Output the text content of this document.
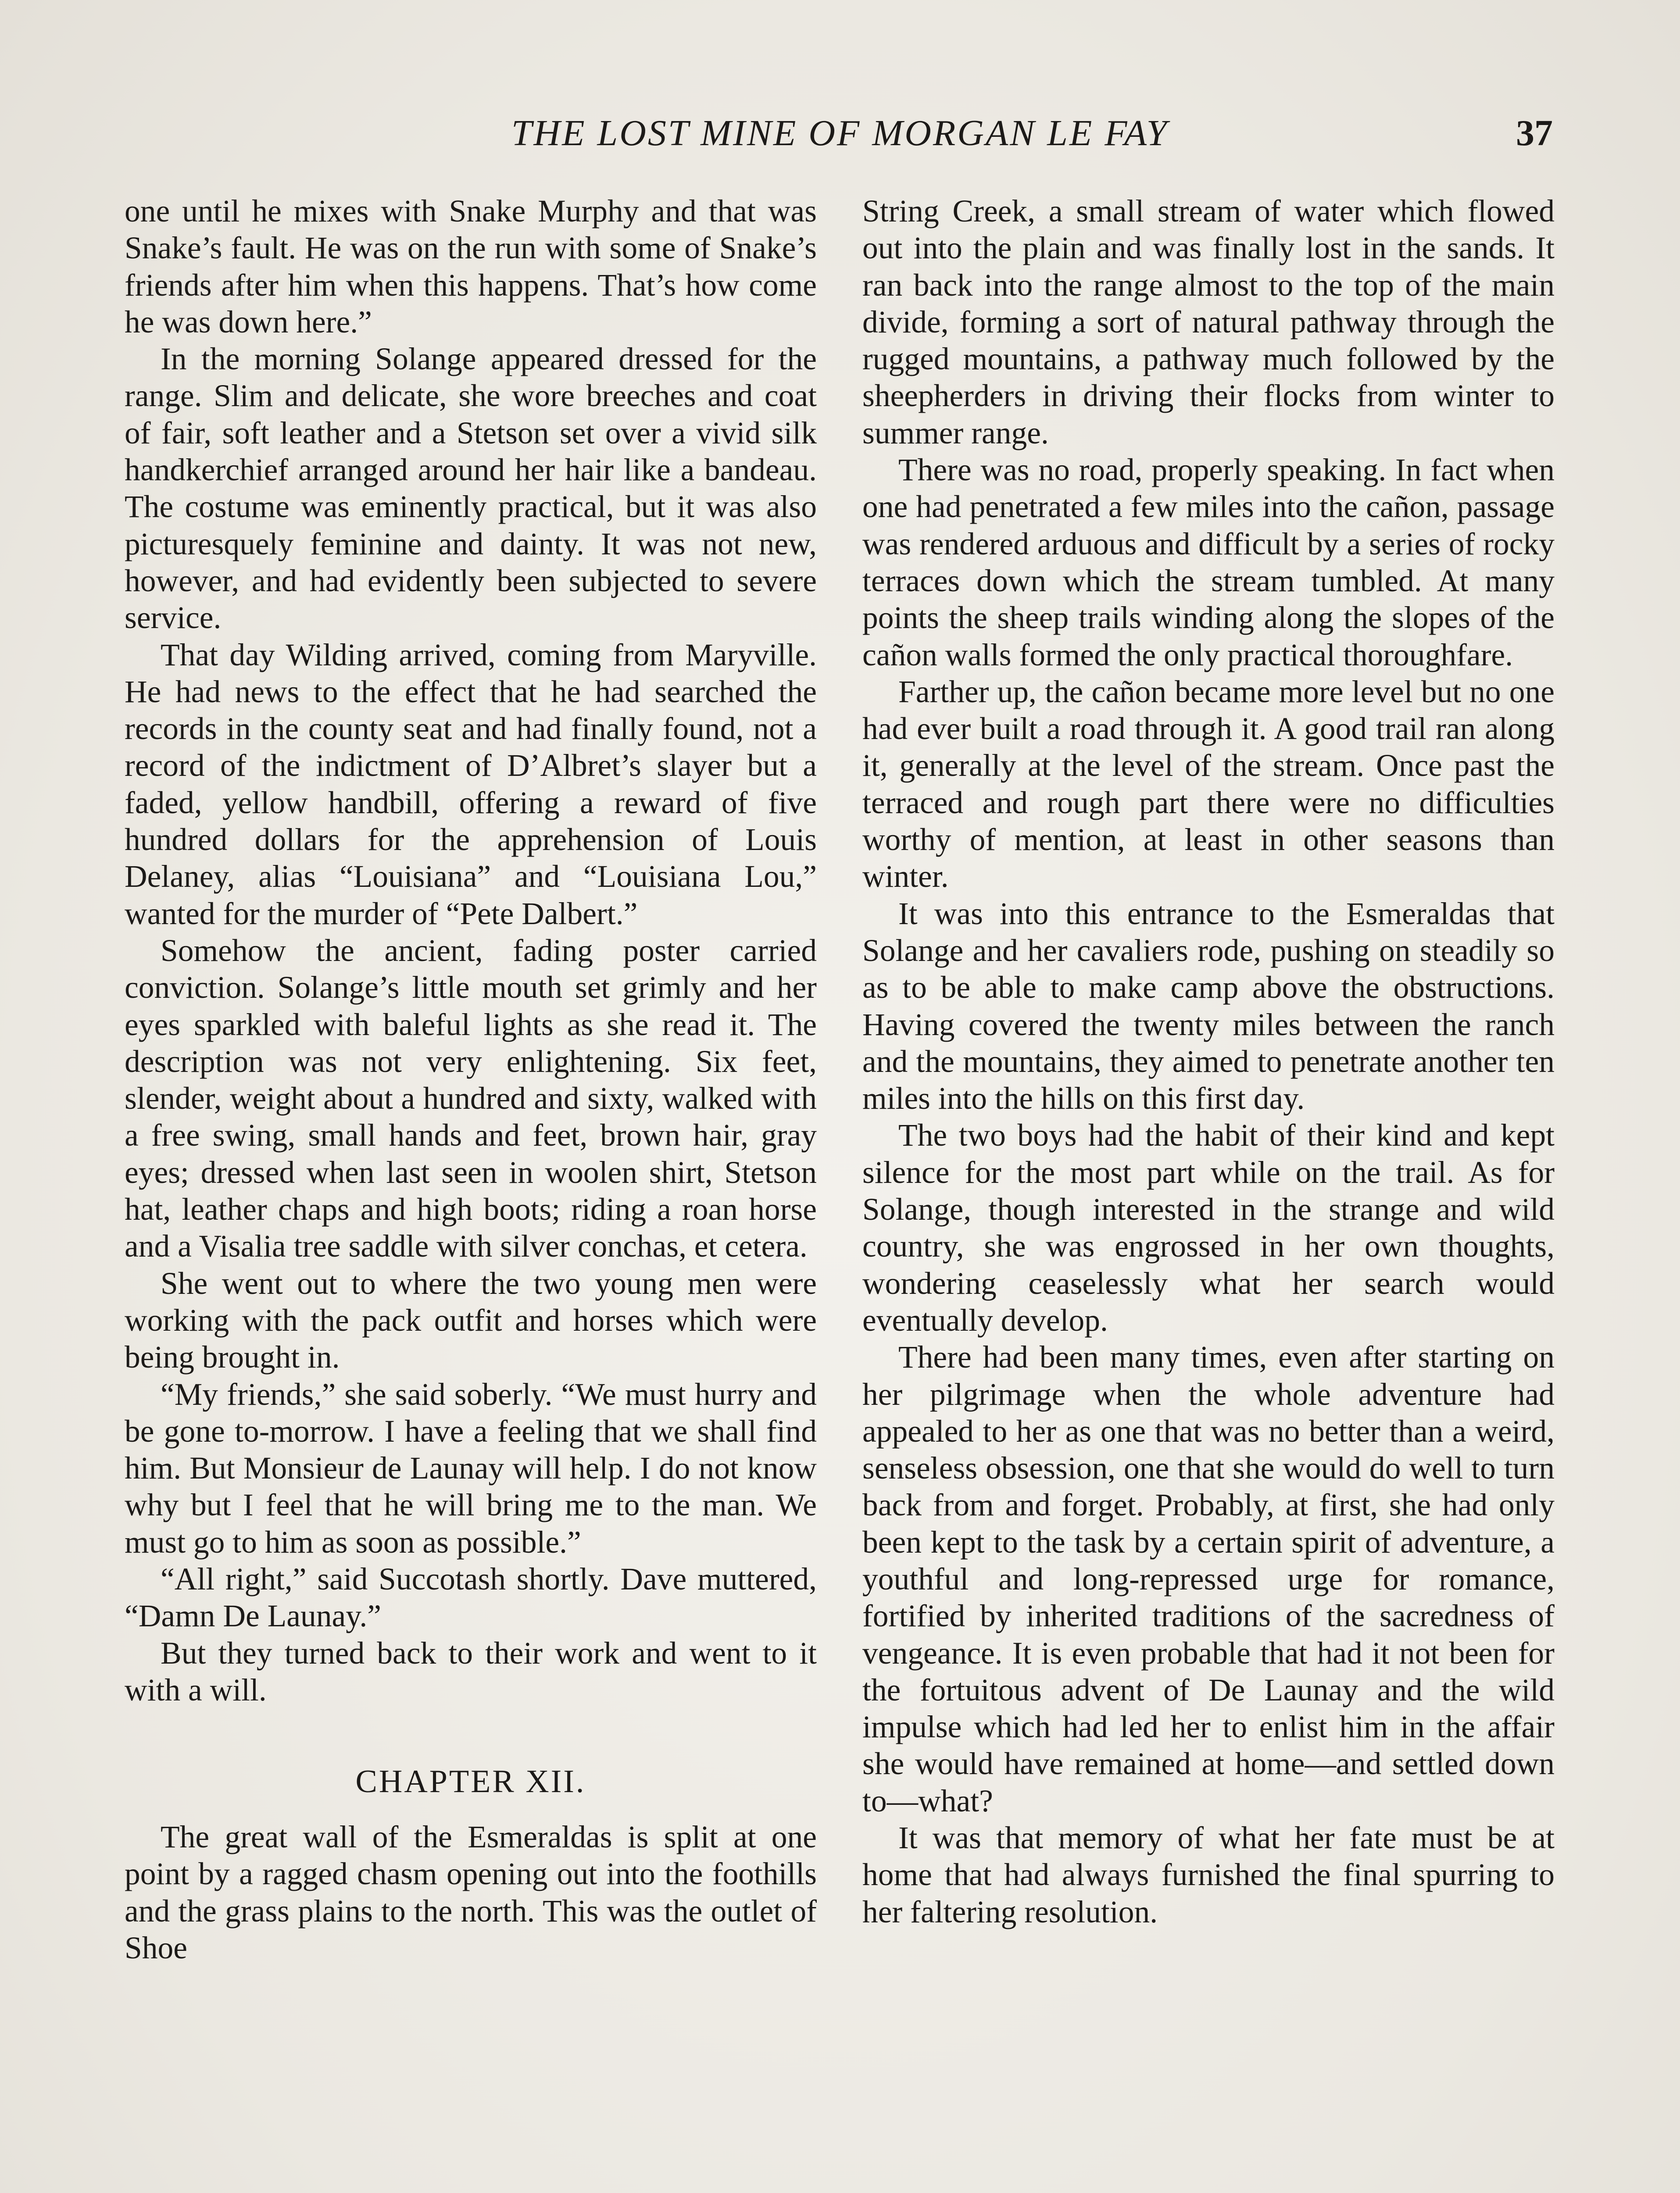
THE LOST MINE OF MORGAN LE FAY	37

one until he mixes with Snake Murphy and that was Snake’s fault. He was on the run with some of Snake’s friends after him when this happens. That’s how come he was down here.”

In the morning Solange appeared dressed for the range. Slim and delicate, she wore breeches and coat of fair, soft leather and a Stetson set over a vivid silk handkerchief arranged around her hair like a bandeau. The costume was eminently practical, but it was also picturesquely feminine and dainty. It was not new, however, and had evidently been subjected to severe service.

That day Wilding arrived, coming from Maryville. He had news to the effect that he had searched the records in the county seat and had finally found, not a record of the indictment of D’Albret’s slayer but a faded, yellow handbill, offering a reward of five hundred dollars for the apprehension of Louis Delaney, alias “Louisiana” and “Louisiana Lou,” wanted for the murder of “Pete Dalbert.”

Somehow the ancient, fading poster carried conviction. Solange’s little mouth set grimly and her eyes sparkled with baleful lights as she read it. The description was not very enlightening. Six feet, slender, weight about a hundred and sixty, walked with a free swing, small hands and feet, brown hair, gray eyes; dressed when last seen in woolen shirt, Stetson hat, leather chaps and high boots; riding a roan horse and a Visalia tree saddle with silver conchas, et cetera.

She went out to where the two young men were working with the pack outfit and horses which were being brought in.

“My friends,” she said soberly. “We must hurry and be gone to-morrow. I have a feeling that we shall find him. But Monsieur de Launay will help. I do not know why but I feel that he will bring me to the man. We must go to him as soon as possible.”

“All right,” said Succotash shortly. Dave muttered, “Damn De Launay.”

But they turned back to their work and went to it with a will.

CHAPTER XII.

The great wall of the Esmeraldas is split at one point by a ragged chasm opening out into the foothills and the grass plains to the north. This was the outlet of Shoe

String Creek, a small stream of water which flowed out into the plain and was finally lost in the sands. It ran back into the range almost to the top of the main divide, forming a sort of natural pathway through the rugged mountains, a pathway much followed by the sheepherders in driving their flocks from winter to summer range.

There was no road, properly speaking. In fact when one had penetrated a few miles into the cañon, passage was rendered arduous and difficult by a series of rocky terraces down which the stream tumbled. At many points the sheep trails winding along the slopes of the cañon walls formed the only practical thoroughfare.

Farther up, the cañon became more level but no one had ever built a road through it. A good trail ran along it, generally at the level of the stream. Once past the terraced and rough part there were no difficulties worthy of mention, at least in other seasons than winter.

It was into this entrance to the Esmeraldas that Solange and her cavaliers rode, pushing on steadily so as to be able to make camp above the obstructions. Having covered the twenty miles between the ranch and the mountains, they aimed to penetrate another ten miles into the hills on this first day.

The two boys had the habit of their kind and kept silence for the most part while on the trail. As for Solange, though interested in the strange and wild country, she was engrossed in her own thoughts, wondering ceaselessly what her search would eventually develop.

There had been many times, even after starting on her pilgrimage when the whole adventure had appealed to her as one that was no better than a weird, senseless obsession, one that she would do well to turn back from and forget. Probably, at first, she had only been kept to the task by a certain spirit of adventure, a youthful and long-repressed urge for romance, fortified by inherited traditions of the sacredness of vengeance. It is even probable that had it not been for the fortuitous advent of De Launay and the wild impulse which had led her to enlist him in the affair she would have remained at home—and settled down to—what?

It was that memory of what her fate must be at home that had always furnished the final spurring to her faltering resolution.
